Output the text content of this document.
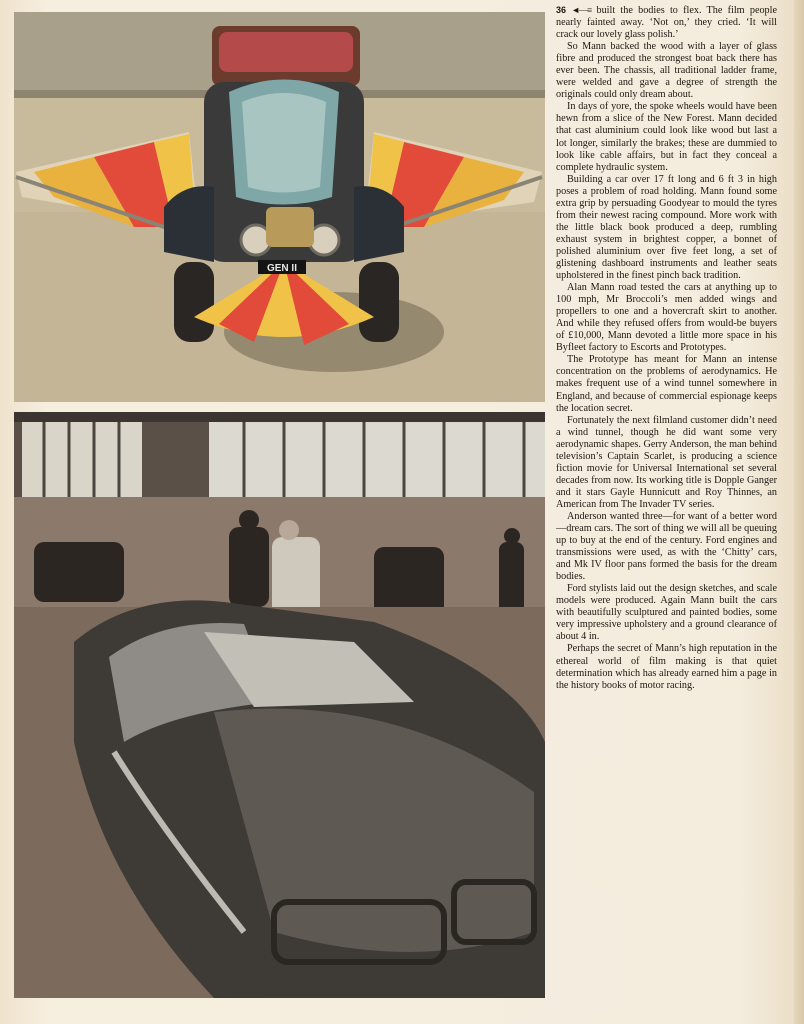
GEN II

36 ◄—≡ built the bodies to flex. The film people nearly fainted away. ‘Not on,’ they cried. ‘It will crack our lovely glass polish.’

So Mann backed the wood with a layer of glass fibre and produced the strongest boat back there has ever been. The chassis, all traditional ladder frame, were welded and gave a degree of strength the originals could only dream about.

In days of yore, the spoke wheels would have been hewn from a slice of the New Forest. Mann decided that cast aluminium could look like wood but last a lot longer, similarly the brakes; these are dummied to look like cable affairs, but in fact they conceal a complete hydraulic system.

Building a car over 17 ft long and 6 ft 3 in high poses a problem of road holding. Mann found some extra grip by persuading Goodyear to mould the tyres from their newest racing compound. More work with the little black book produced a deep, rumbling exhaust system in brightest copper, a bonnet of polished aluminium over five feet long, a set of glistening dashboard instruments and leather seats upholstered in the finest pinch back tradition.

Alan Mann road tested the cars at anything up to 100 mph, Mr Broccoli’s men added wings and propellers to one and a hovercraft skirt to another. And while they refused offers from would-be buyers of £10,000, Mann devoted a little more space in his Byfleet factory to Escorts and Prototypes.

The Prototype has meant for Mann an intense concentration on the problems of aerodynamics. He makes frequent use of a wind tunnel somewhere in England, and because of commercial espionage keeps the location secret.

Fortunately the next filmland customer didn’t need a wind tunnel, though he did want some very aerodynamic shapes. Gerry Anderson, the man behind television’s Captain Scarlet, is producing a science fiction movie for Universal International set several decades from now. Its working title is Dopple Ganger and it stars Gayle Hunnicutt and Roy Thinnes, an American from The Invader TV series.

Anderson wanted three—for want of a better word—dream cars. The sort of thing we will all be queuing up to buy at the end of the century. Ford engines and transmissions were used, as with the ‘Chitty’ cars, and Mk IV floor pans formed the basis for the dream bodies.

Ford stylists laid out the design sketches, and scale models were produced. Again Mann built the cars with beautifully sculptured and painted bodies, some very impressive upholstery and a ground clearance of about 4 in.

Perhaps the secret of Mann’s high reputation in the ethereal world of film making is that quiet determination which has already earned him a page in the history books of motor racing.
